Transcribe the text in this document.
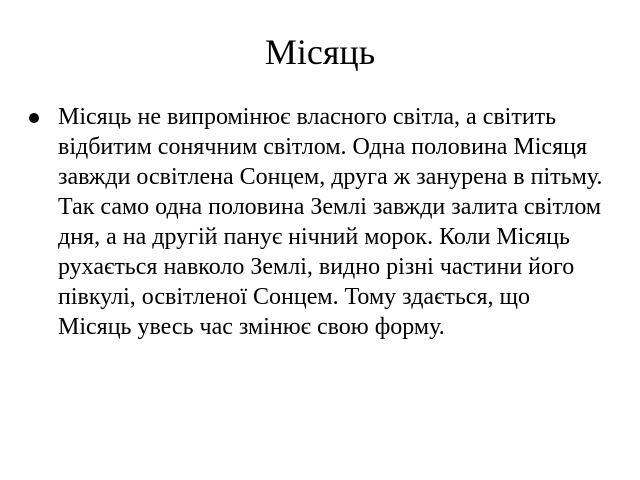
Місяць
Місяць не випромінює власного світла, а світить відбитим сонячним світлом. Одна половина Місяця завжди освітлена Сонцем, друга ж занурена в пітьму. Так само одна половина Землі завжди залита світлом дня, а на другій панує нічний морок. Коли Місяць рухається навколо Землі, видно різні частини його півкулі, освітленої Сонцем. Тому здається, що Місяць увесь час змінює свою форму.
